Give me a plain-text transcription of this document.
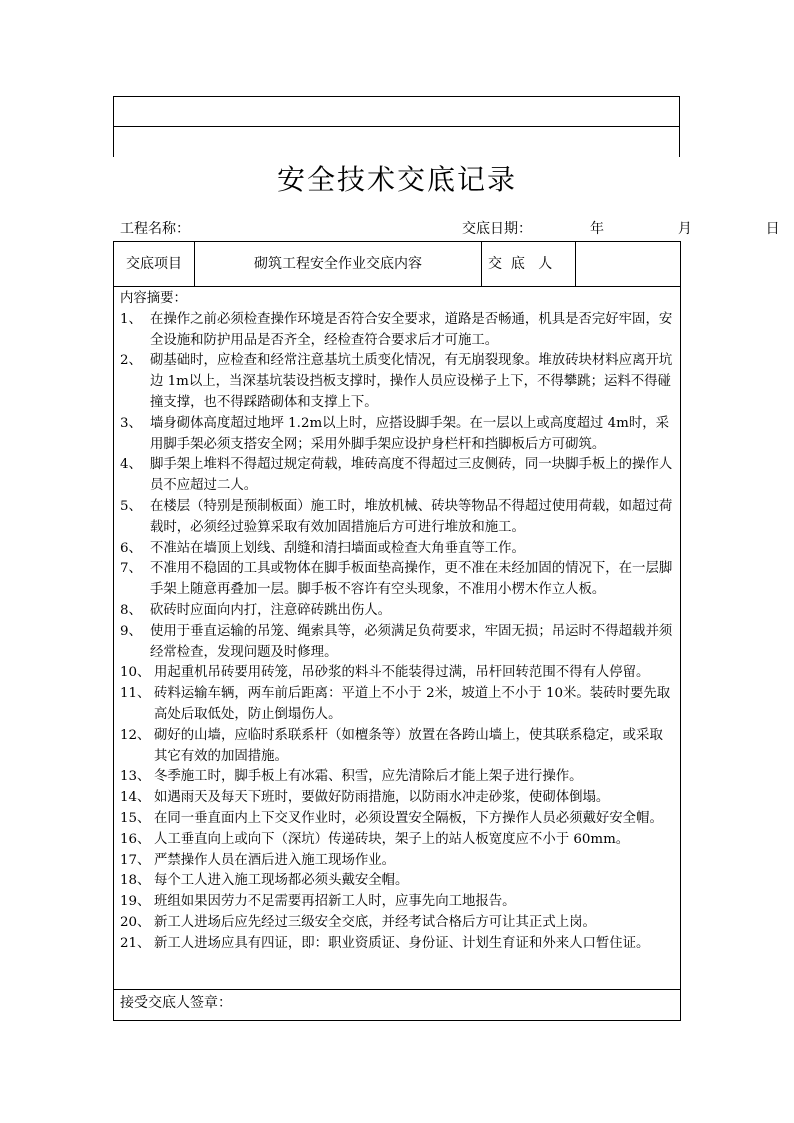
安全技术交底记录
工程名称：	交底日期：	年	月	日
交底项目	砌筑工程安全作业交底内容	交  底   人

内容摘要：

1、 在操作之前必须检查操作环境是否符合安全要求，道路是否畅通，机具是否完好牢固，安全设施和防护用品是否齐全，经检查符合要求后才可施工。
2、 砌基础时，应检查和经常注意基坑土质变化情况，有无崩裂现象。堆放砖块材料应离开坑边 1m以上，当深基坑装设挡板支撑时，操作人员应设梯子上下，不得攀跳；运料不得碰撞支撑，也不得踩踏砌体和支撑上下。
3、 墙身砌体高度超过地坪 1.2m以上时，应搭设脚手架。在一层以上或高度超过 4m时，采用脚手架必须支搭安全网；采用外脚手架应设护身栏杆和挡脚板后方可砌筑。
4、 脚手架上堆料不得超过规定荷载，堆砖高度不得超过三皮侧砖，同一块脚手板上的操作人员不应超过二人。
5、 在楼层（特别是预制板面）施工时，堆放机械、砖块等物品不得超过使用荷载，如超过荷载时，必须经过验算采取有效加固措施后方可进行堆放和施工。
6、 不准站在墙顶上划线、刮缝和清扫墙面或检查大角垂直等工作。
7、 不准用不稳固的工具或物体在脚手板面垫高操作，更不准在未经加固的情况下，在一层脚手架上随意再叠加一层。脚手板不容许有空头现象，不准用小楞木作立人板。
8、 砍砖时应面向内打，注意碎砖跳出伤人。
9、 使用于垂直运输的吊笼、绳索具等，必须满足负荷要求，牢固无损；吊运时不得超载并须经常检查，发现问题及时修理。
10、 用起重机吊砖要用砖笼，吊砂浆的料斗不能装得过满，吊杆回转范围不得有人停留。
11、 砖料运输车辆，两车前后距离：平道上不小于 2米，坡道上不小于 10米。装砖时要先取高处后取低处，防止倒塌伤人。
12、 砌好的山墙，应临时系联系杆（如檀条等）放置在各跨山墙上，使其联系稳定，或采取其它有效的加固措施。
13、 冬季施工时，脚手板上有冰霜、积雪，应先清除后才能上架子进行操作。
14、 如遇雨天及每天下班时，要做好防雨措施，以防雨水冲走砂浆，使砌体倒塌。
15、 在同一垂直面内上下交叉作业时，必须设置安全隔板，下方操作人员必须戴好安全帽。
16、 人工垂直向上或向下（深坑）传递砖块，架子上的站人板宽度应不小于 60mm。
17、 严禁操作人员在酒后进入施工现场作业。
18、 每个工人进入施工现场都必须头戴安全帽。
19、 班组如果因劳力不足需要再招新工人时，应事先向工地报告。
20、 新工人进场后应先经过三级安全交底，并经考试合格后方可让其正式上岗。
21、 新工人进场应具有四证，即：职业资质证、身份证、计划生育证和外来人口暂住证。
接受交底人签章：
